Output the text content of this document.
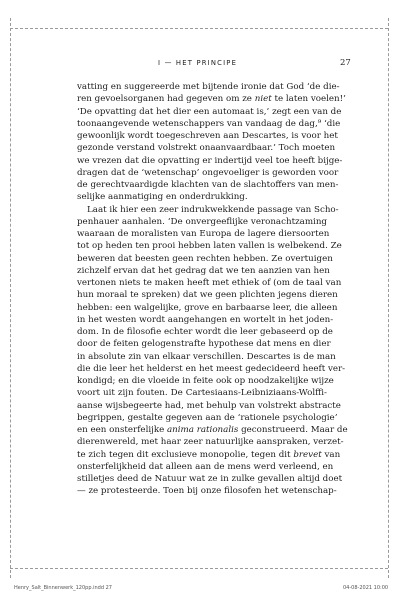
I — HET PRINCIPE	27
vatting en suggereerde met bijtende ironie dat God ‘de die-
ren gevoelsorganen had gegeven om ze niet te laten voelen!’
‘De opvatting dat het dier een automaat is,’ zegt een van de
toonaangevende wetenschappers van vandaag de dag,⁹ ‘die
gewoonlijk wordt toegeschreven aan Descartes, is voor het
gezonde verstand volstrekt onaanvaardbaar.’ Toch moeten
we vrezen dat die opvatting er indertijd veel toe heeft bijge-
dragen dat de ‘wetenschap’ ongevoeliger is geworden voor
de gerechtvaardigde klachten van de slachtoffers van men-
selijke aanmatiging en onderdrukking.
Laat ik hier een zeer indrukwekkende passage van Scho-
penhauer aanhalen. ‘De onvergeeflijke veronachtzaming
waaraan de moralisten van Europa de lagere diersoorten
tot op heden ten prooi hebben laten vallen is welbekend. Ze
beweren dat beesten geen rechten hebben. Ze overtuigen
zichzelf ervan dat het gedrag dat we ten aanzien van hen
vertonen niets te maken heeft met ethiek of (om de taal van
hun moraal te spreken) dat we geen plichten jegens dieren
hebben: een walgelijke, grove en barbaarse leer, die alleen
in het westen wordt aangehangen en wortelt in het joden-
dom. In de filosofie echter wordt die leer gebaseerd op de
door de feiten gelogenstrafte hypothese dat mens en dier
in absolute zin van elkaar verschillen. Descartes is de man
die die leer het helderst en het meest gedecideerd heeft ver-
kondigd; en die vloeide in feite ook op noodzakelijke wijze
voort uit zijn fouten. De Cartesiaans-Leibniziaans-Wolffi-
aanse wijsbegeerte had, met behulp van volstrekt abstracte
begrippen, gestalte gegeven aan de ‘rationele psychologie’
en een onsterfelijke anima rationalis geconstrueerd. Maar de
dierenwereld, met haar zeer natuurlijke aanspraken, verzet-
te zich tegen dit exclusieve monopolie, tegen dit brevet van
onsterfelijkheid dat alleen aan de mens werd verleend, en
stilletjes deed de Natuur wat ze in zulke gevallen altijd doet
— ze protesteerde. Toen bij onze filosofen het wetenschap-
Henry_Salt_Binnenwerk_120pp.indd 27	04-08-2021 10:00
